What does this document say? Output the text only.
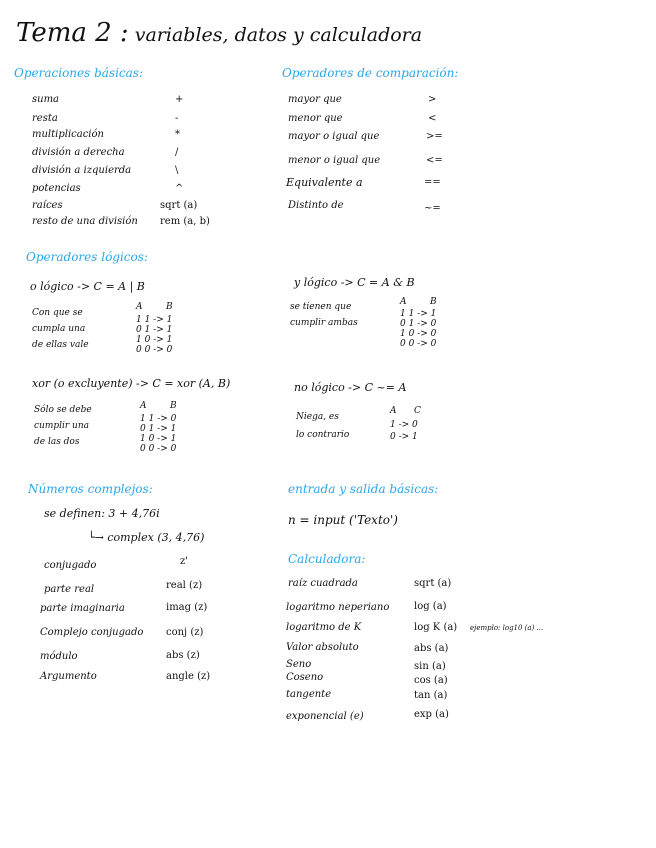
Tema 2 : variables, datos y calculadora
Operaciones básicas:
suma	+
resta	-
multiplicación	*
división a derecha	/
división a izquierda	\
potencias	^
raíces	sqrt (a)
resto de una división rem (a, b)
Operadores de comparación:
mayor que	>
menor que	<
mayor o igual que	>=
menor o igual que	<=
Equivalente a	==
Distinto de	~=
Operadores lógicos:
o lógico -> C = A | B
Con que se
cumpla una
de ellas vale
A	B
1 1 -> 1
0 1 -> 1
1 0 -> 1
0 0 -> 0
y lógico -> C = A & B
se tienen que
cumplir ambas
A	B
1 1 -> 1
0 1 -> 0
1 0 -> 0
0 0 -> 0
xor (o excluyente) -> C = xor (A, B)
Sólo se debe
cumplir una
de las dos
A	B
1 1 -> 0
0 1 -> 1
1 0 -> 1
0 0 -> 0
no lógico -> C ~= A
Niega, es
lo contrario
A C
1 -> 0
0 -> 1
Números complejos:
se definen: 3 + 4,76i
└→ complex (3, 4,76)
conjugado	z'
parte real	real (z)
parte imaginaria	imag (z)
Complejo conjugado conj (z)
módulo	abs (z)
Argumento	angle (z)
entrada y salida básicas:
n = input ('Texto')
Calculadora:
raíz cuadrada	sqrt (a)
logaritmo neperiano log (a)
logaritmo de K	log K (a) ejemplo: log10 (a) ...
Valor absoluto	abs (a)
Seno	sin (a)
Coseno	cos (a)
tangente	tan (a)
exponencial (e)	exp (a)
